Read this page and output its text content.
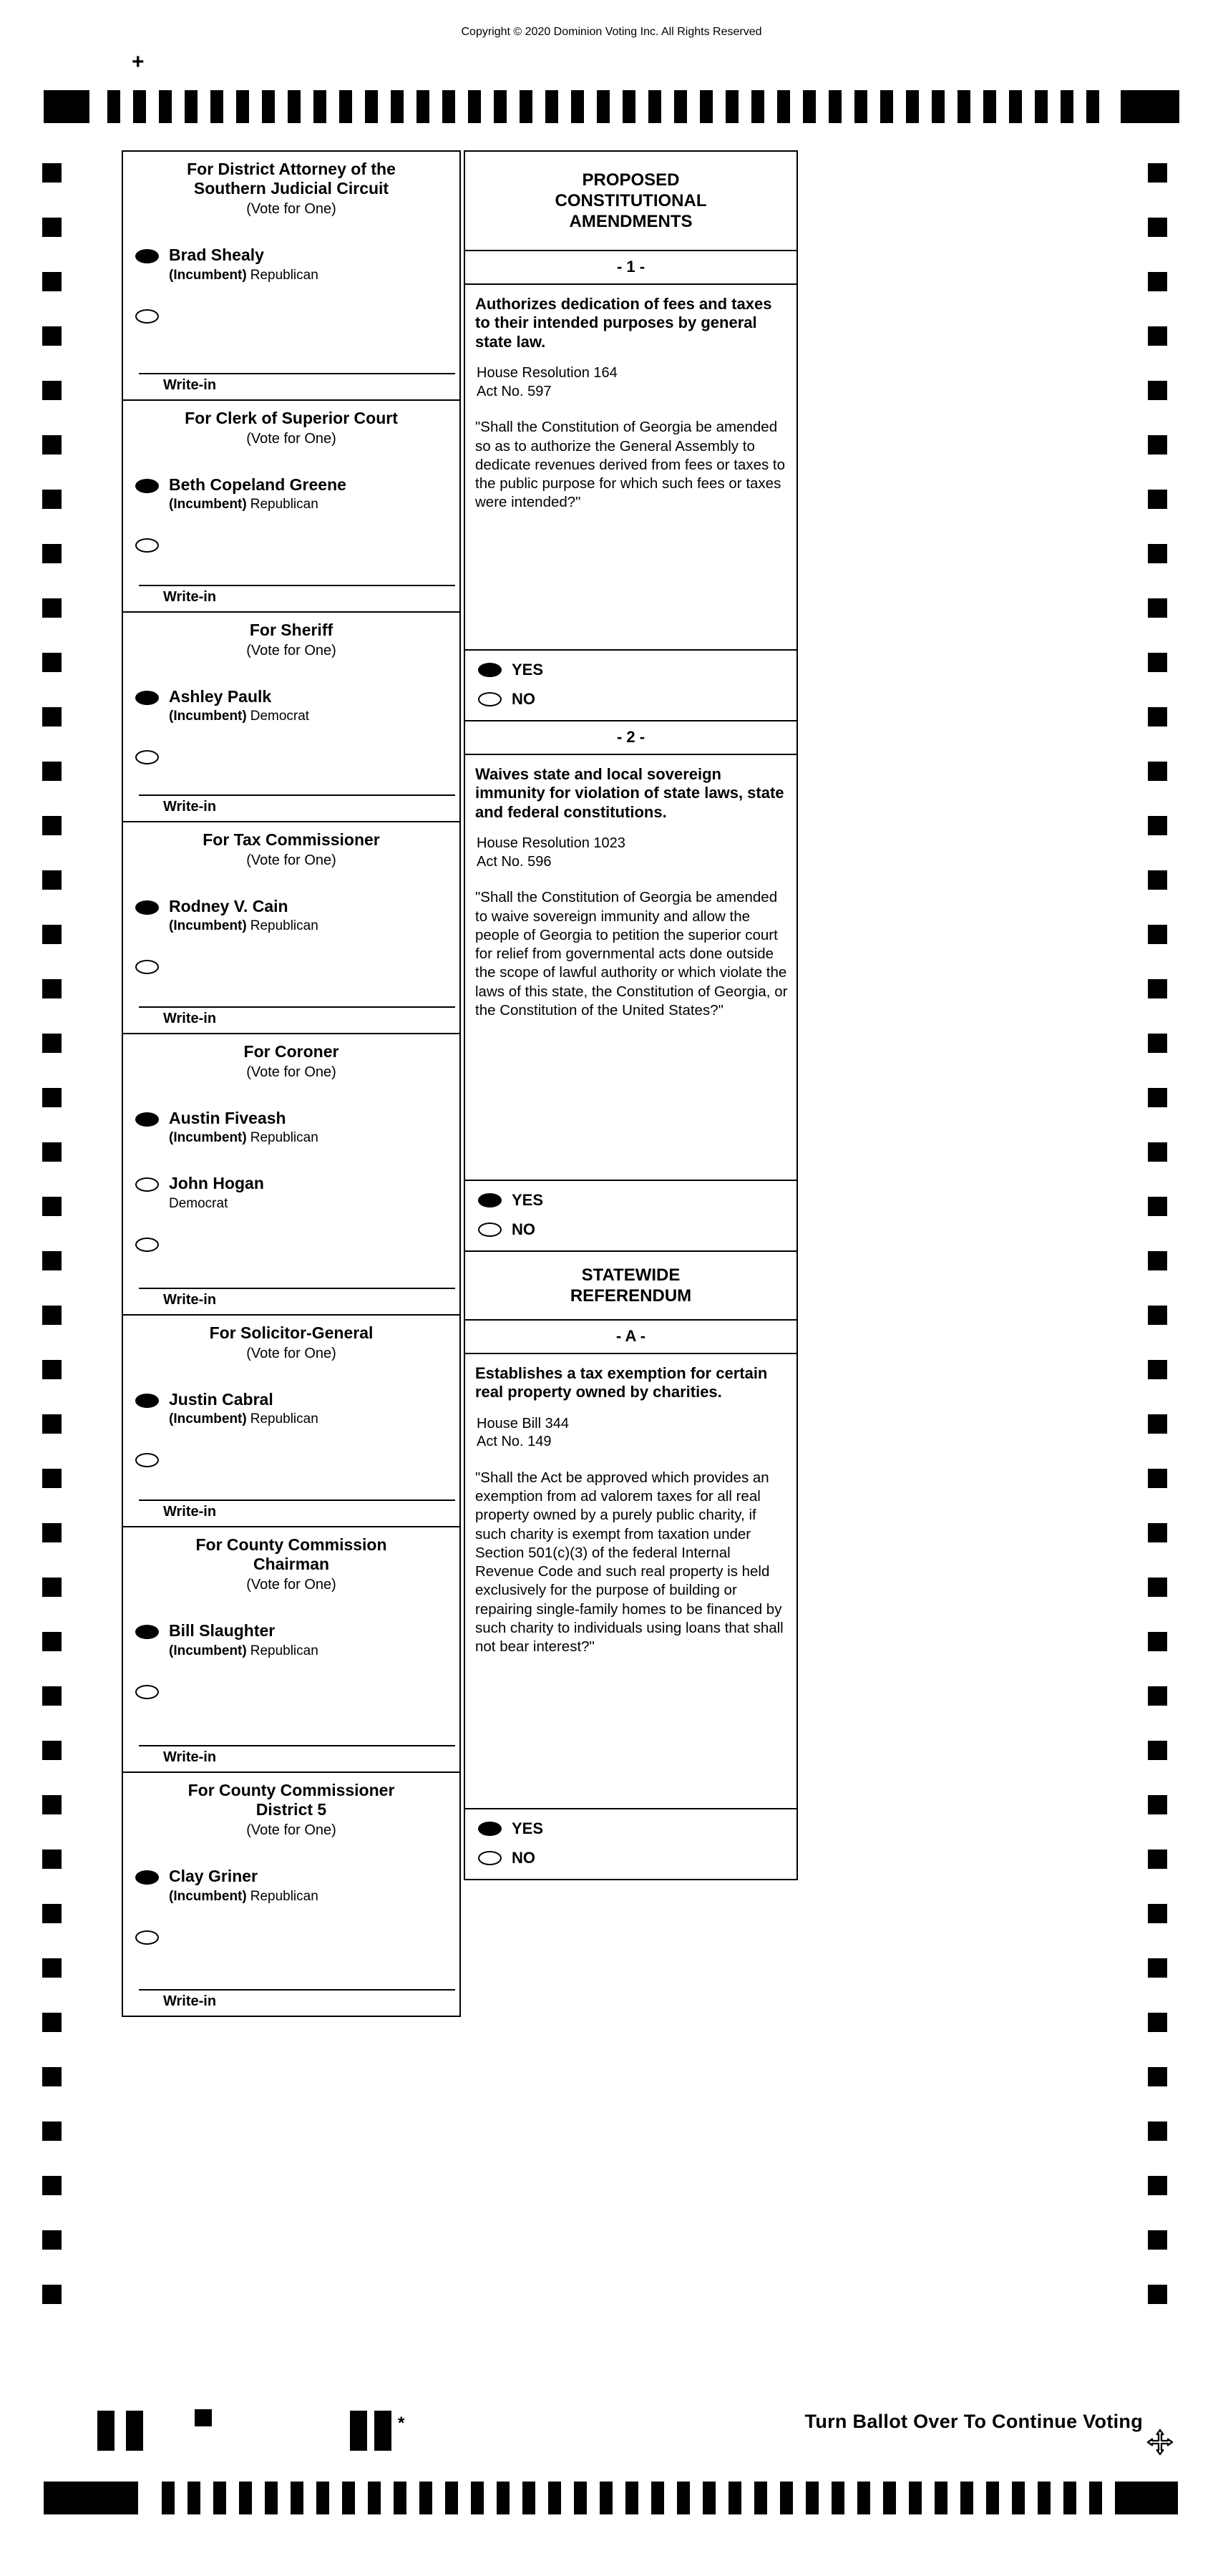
Copyright © 2020 Dominion Voting Inc. All Rights Reserved
+
For District Attorney of the Southern Judicial Circuit
(Vote for One)
Brad Shealy
(Incumbent) Republican
Write-in
For Clerk of Superior Court
(Vote for One)
Beth Copeland Greene
(Incumbent) Republican
Write-in
For Sheriff
(Vote for One)
Ashley Paulk
(Incumbent) Democrat
Write-in
For Tax Commissioner
(Vote for One)
Rodney V. Cain
(Incumbent) Republican
Write-in
For Coroner
(Vote for One)
Austin Fiveash
(Incumbent) Republican
John Hogan
Democrat
Write-in
For Solicitor-General
(Vote for One)
Justin Cabral
(Incumbent) Republican
Write-in
For County Commission Chairman
(Vote for One)
Bill Slaughter
(Incumbent) Republican
Write-in
For County Commissioner District 5
(Vote for One)
Clay Griner
(Incumbent) Republican
Write-in
PROPOSED CONSTITUTIONAL AMENDMENTS
- 1 -
Authorizes dedication of fees and taxes to their intended purposes by general state law.
House Resolution 164
Act No. 597
"Shall the Constitution of Georgia be amended so as to authorize the General Assembly to dedicate revenues derived from fees or taxes to the public purpose for which such fees or taxes were intended?"
YES
NO
- 2 -
Waives state and local sovereign immunity for violation of state laws, state and federal constitutions.
House Resolution 1023
Act No. 596
"Shall the Constitution of Georgia be amended to waive sovereign immunity and allow the people of Georgia to petition the superior court for relief from governmental acts done outside the scope of lawful authority or which violate the laws of this state, the Constitution of Georgia, or the Constitution of the United States?"
YES
NO
STATEWIDE REFERENDUM
- A -
Establishes a tax exemption for certain real property owned by charities.
House Bill 344
Act No. 149
"Shall the Act be approved which provides an exemption from ad valorem taxes for all real property owned by a purely public charity, if such charity is exempt from taxation under Section 501(c)(3) of the federal Internal Revenue Code and such real property is held exclusively for the purpose of building or repairing single-family homes to be financed by such charity to individuals using loans that shall not bear interest?"
YES
NO
*	Turn Ballot Over To Continue Voting
